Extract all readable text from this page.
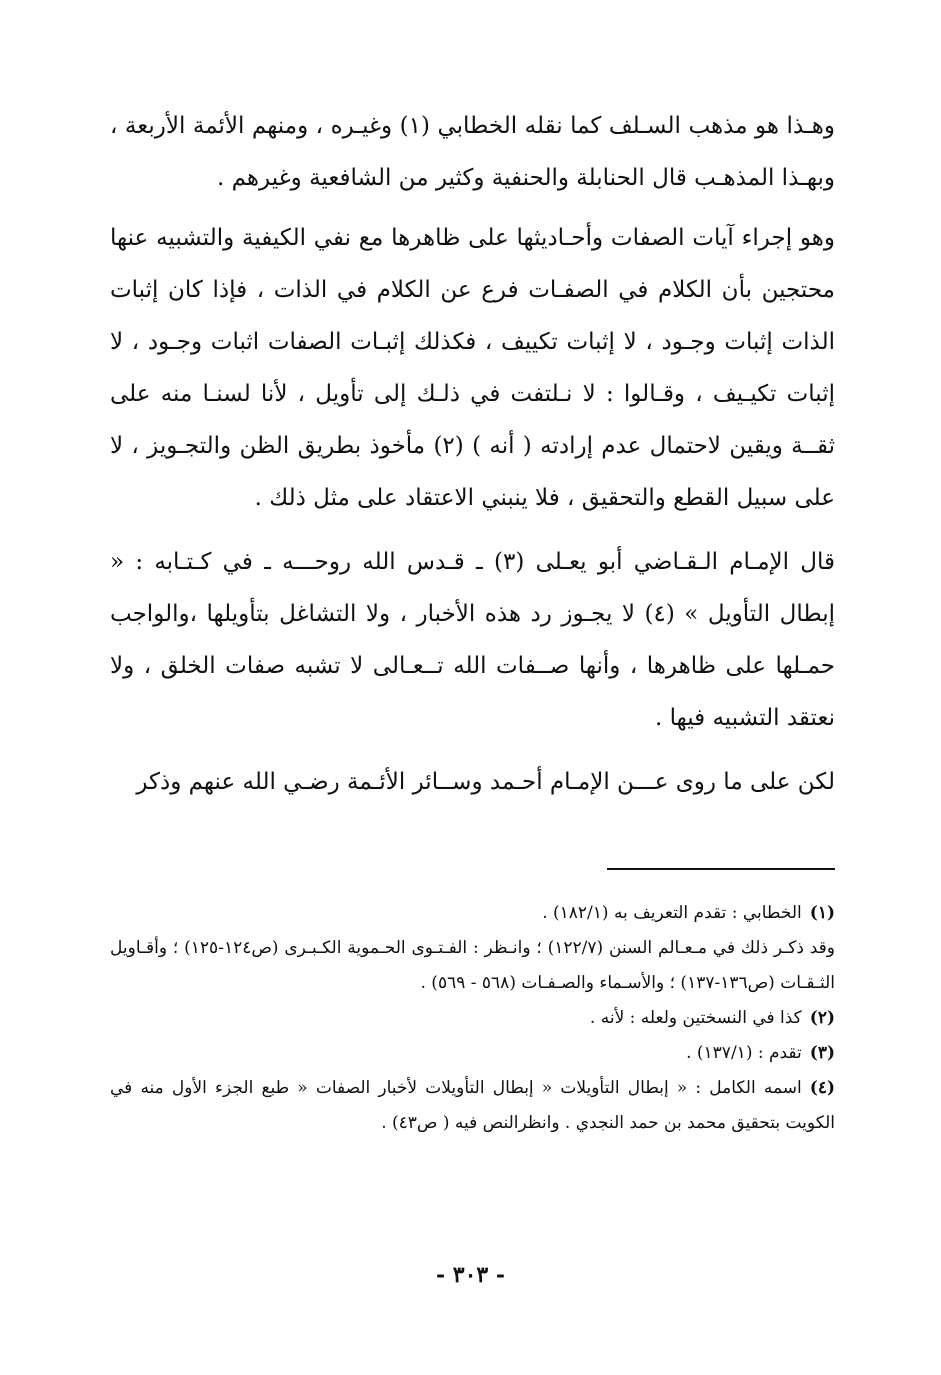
وهـذا هو مذهب السـلف كما نقله الخطابي (١) وغيـره ، ومنهم الأئمة الأربعة ، وبهـذا المذهـب قال الحنابلة والحنفية وكثير من الشافعية وغيرهم .

وهو إجراء آيات الصفات وأحـاديثها على ظاهرها مع نفي الكيفية والتشبيه عنها محتجين بأن الكلام في الصفـات فرع عن الكلام في الذات ، فإذا كان إثبات الذات إثبات وجـود ، لا إثبات تكييف ، فكذلك إثبـات الصفات اثبات وجـود ، لا إثبات تكيـيف ، وقـالوا : لا نـلتفت في ذلـك إلى تأويل ، لأنا لسنـا منه على ثقــة ويقين لاحتمال عدم إرادته ( أنه ) (٢) مأخوذ بطريق الظن والتجـويز ، لا على سبيل القطع والتحقيق ، فلا ينبني الاعتقاد على مثل ذلك .

قال الإمـام الـقـاضي أبو يعـلى (٣) ـ قـدس الله روحـــه ـ في كـتـابه : « إبطال التأويل » (٤) لا يجـوز رد هذه الأخبار ، ولا التشاغل بتأويلها ،والواجب حمـلها على ظاهرها ، وأنها صــفات الله تــعـالى لا تشبه صفات الخلق ، ولا نعتقد التشبيه فيها .

لكن على ما روى عـــن الإمـام أحـمد وســائر الأئـمة رضـي الله عنهم وذكر

(١)الخطابي : تقدم التعريف به (١٨٢/١) .

وقد ذكـر ذلك في مـعـالم السنن (١٢٢/٧) ؛ وانـظر : الفـتـوى الحـموية الكـبـرى (ص١٢٤-١٢٥) ؛ وأقـاويل الثـقـات (ص١٣٦-١٣٧) ؛ والأسـماء والصـفـات (٥٦٨ - ٥٦٩) .

(٢)كذا في النسختين ولعله : لأنه .

(٣)تقدم : (١٣٧/١) .

(٤)اسمه الكامل : « إبطال التأويلات « إبطال التأويلات لأخبار الصفات « طبع الجزء الأول منه في الكويت بتحقيق محمد بن حمد النجدي . وانظرالنص فيه ( ص٤٣) .

- ٣٠٣ -
